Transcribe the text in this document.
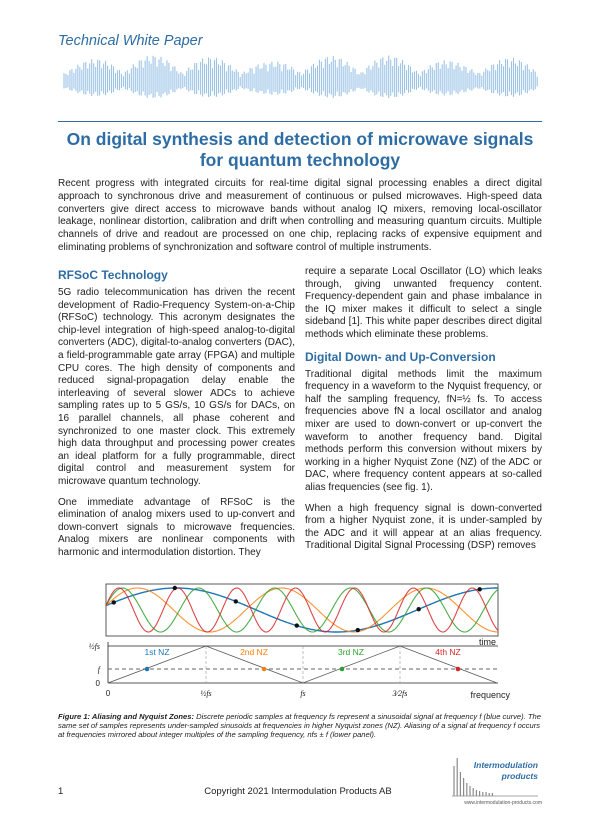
Technical White Paper
On digital synthesis and detection of microwave signals
for quantum technology
Recent progress with integrated circuits for real-time digital signal processing enables a direct digital approach to synchronous drive and measurement of continuous or pulsed microwaves. High-speed data converters give direct access to microwave bands without analog IQ mixers, removing local-oscillator leakage, nonlinear distortion, calibration and drift when controlling and measuring quantum circuits. Multiple channels of drive and readout are processed on one chip, replacing racks of expensive equipment and eliminating problems of synchronization and software control of multiple instruments.
RFSoC Technology

5G radio telecommunication has driven the recent development of Radio-Frequency System-on-a-Chip (RFSoC) technology. This acronym designates the chip-level integration of high-speed analog-to-digital converters (ADC), digital-to-analog converters (DAC), a field-programmable gate array (FPGA) and multiple CPU cores. The high density of components and reduced signal-propagation delay enable the interleaving of several slower ADCs to achieve sampling rates up to 5 GS/s, 10 GS/s for DACs, on 16 parallel channels, all phase coherent and synchronized to one master clock. This extremely high data throughput and processing power creates an ideal platform for a fully programmable, direct digital control and measurement system for microwave quantum technology.

One immediate advantage of RFSoC is the elimination of analog mixers used to up-convert and down-convert signals to microwave frequencies. Analog mixers are nonlinear components with harmonic and intermodulation distortion. They

require a separate Local Oscillator (LO) which leaks through, giving unwanted frequency content. Frequency-dependent gain and phase imbalance in the IQ mixer makes it difficult to select a single sideband [1]. This white paper describes direct digital methods which eliminate these problems.

Digital Down- and Up-Conversion

Traditional digital methods limit the maximum frequency in a waveform to the Nyquist frequency, or half the sampling frequency, fN=½ fs. To access frequencies above fN a local oscillator and analog mixer are used to down-convert or up-convert the waveform to another frequency band. Digital methods perform this conversion without mixers by working in a higher Nyquist Zone (NZ) of the ADC or DAC, where frequency content appears at so-called alias frequencies (see fig. 1).

When a high frequency signal is down-converted from a higher Nyquist zone, it is under-sampled by the ADC and it will appear at an alias frequency. Traditional Digital Signal Processing (DSP) removes

time
½fs
f
0
0	½fs	fs	3⁄2fs	frequency
1st NZ	2nd NZ	3rd NZ	4th NZ
Figure 1: Aliasing and Nyquist Zones: Discrete periodic samples at frequency fs represent a sinusoidal signal at frequency f (blue curve). The same set of samples represents under-sampled sinusoids at frequencies in higher Nyquist zones (NZ). Aliasing of a signal at frequency f occurs at frequencies mirrored about integer multiples of the sampling frequency, nfs ± f (lower panel).
1	Copyright 2021 Intermodulation Products AB
Intermodulation
products
www.intermodulation-products.com
